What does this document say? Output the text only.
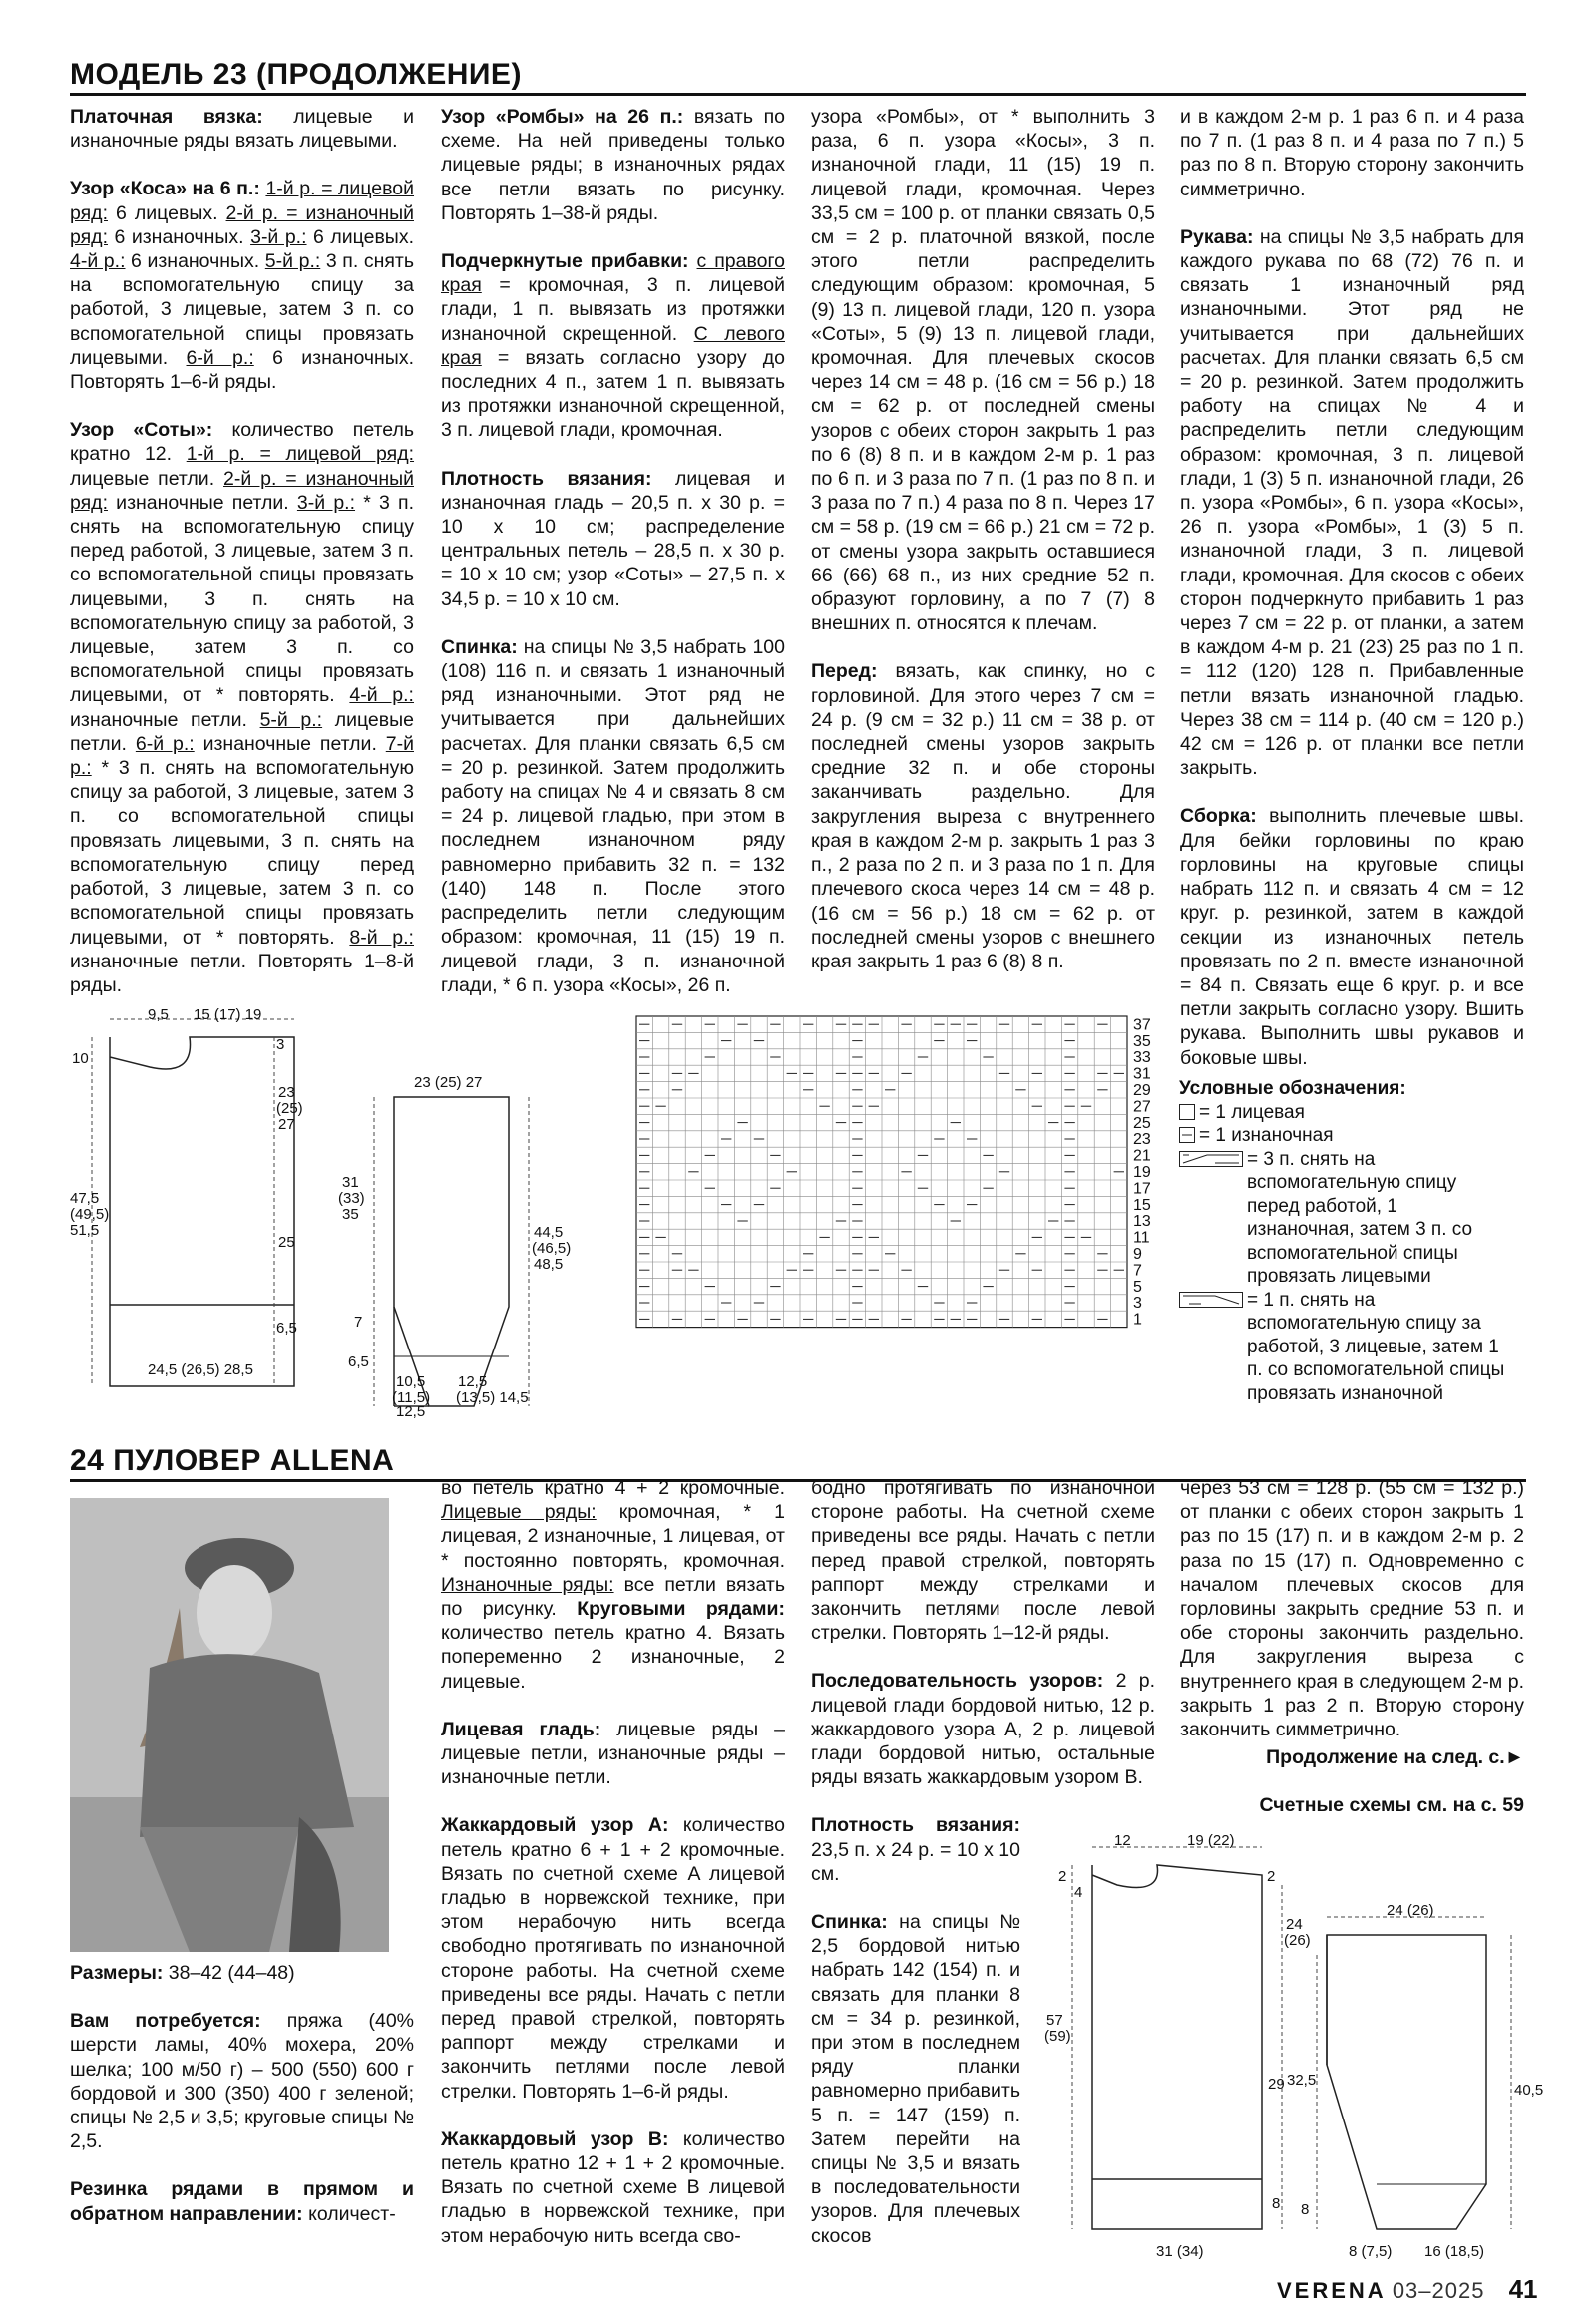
МОДЕЛЬ 23 (ПРОДОЛЖЕНИЕ)

Платочная вязка: лицевые и изнаночные ряды вязать лицевыми.

Узор «Коса» на 6 п.: 1-й р. = лицевой ряд: 6 лицевых. 2-й р. = изнаночный ряд: 6 изнаночных. 3-й р.: 6 лицевых. 4-й р.: 6 изнаночных. 5-й р.: 3 п. снять на вспомогательную спицу за работой, 3 лицевые, затем 3 п. со вспомогательной спицы провязать лицевыми. 6-й р.: 6 изнаночных. Повторять 1–6-й ряды.

Узор «Соты»: количество петель кратно 12. 1-й р. = лицевой ряд: лицевые петли. 2-й р. = изнаночный ряд: изнаночные петли. 3-й р.: * 3 п. снять на вспомогательную спицу перед работой, 3 лицевые, затем 3 п. со вспомогательной спицы провязать лицевыми, 3 п. снять на вспомогательную спицу за работой, 3 лицевые, затем 3 п. со вспомогательной спицы провязать лицевыми, от * повторять. 4-й р.: изнаночные петли. 5-й р.: лицевые петли. 6-й р.: изнаночные петли. 7-й р.: * 3 п. снять на вспомогательную спицу за работой, 3 лицевые, затем 3 п. со вспомогательной спицы провязать лицевыми, 3 п. снять на вспомогательную спицу перед работой, 3 лицевые, затем 3 п. со вспомогательной спицы провязать лицевыми, от * повторять. 8-й р.: изнаночные петли. Повторять 1–8-й ряды.

Узор «Ромбы» на 26 п.: вязать по схеме. На ней приведены только лицевые ряды; в изнаночных рядах все петли вязать по рисунку. Повторять 1–38-й ряды.

Подчеркнутые прибавки: с правого края = кромочная, 3 п. лицевой глади, 1 п. вывязать из протяжки изнаночной скрещенной. С левого края = вязать согласно узору до последних 4 п., затем 1 п. вывязать из протяжки изнаночной скрещенной, 3 п. лицевой глади, кромочная.

Плотность вязания: лицевая и изнаночная гладь – 20,5 п. x 30 р. = 10 x 10 см; распределение центральных петель – 28,5 п. x 30 р. = 10 x 10 см; узор «Соты» – 27,5 п. x 34,5 р. = 10 x 10 см.

Спинка: на спицы № 3,5 набрать 100 (108) 116 п. и связать 1 изнаночный ряд изнаночными. Этот ряд не учитывается при дальнейших расчетах. Для планки связать 6,5 см = 20 р. резинкой. Затем продолжить работу на спицах № 4 и связать 8 см = 24 р. лицевой гладью, при этом в последнем изнаночном ряду равномерно прибавить 32 п. = 132 (140) 148 п. После этого распределить петли следующим образом: кромочная, 11 (15) 19 п. лицевой глади, 3 п. изнаночной глади, * 6 п. узора «Косы», 26 п.

узора «Ромбы», от * выполнить 3 раза, 6 п. узора «Косы», 3 п. изнаночной глади, 11 (15) 19 п. лицевой глади, кромочная. Через 33,5 см = 100 р. от планки связать 0,5 см = 2 р. платочной вязкой, после этого петли распределить следующим образом: кромочная, 5 (9) 13 п. лицевой глади, 120 п. узора «Соты», 5 (9) 13 п. лицевой глади, кромочная. Для плечевых скосов через 14 см = 48 р. (16 см = 56 р.) 18 см = 62 р. от последней смены узоров с обеих сторон закрыть 1 раз по 6 (8) 8 п. и в каждом 2-м р. 1 раз по 6 п. и 3 раза по 7 п. (1 раз по 8 п. и 3 раза по 7 п.) 4 раза по 8 п. Через 17 см = 58 р. (19 см = 66 р.) 21 см = 72 р. от смены узора закрыть оставшиеся 66 (66) 68 п., из них средние 52 п. образуют горловину, а по 7 (7) 8 внешних п. относятся к плечам.

Перед: вязать, как спинку, но с горловиной. Для этого через 7 см = 24 р. (9 см = 32 р.) 11 см = 38 р. от последней смены узоров закрыть средние 32 п. и обе стороны заканчивать раздельно. Для закругления выреза с внутреннего края в каждом 2-м р. закрыть 1 раз 3 п., 2 раза по 2 п. и 3 раза по 1 п. Для плечевого скоса через 14 см = 48 р. (16 см = 56 р.) 18 см = 62 р. от последней смены узоров с внешнего края закрыть 1 раз 6 (8) 8 п.

и в каждом 2-м р. 1 раз 6 п. и 4 раза по 7 п. (1 раз 8 п. и 4 раза по 7 п.) 5 раз по 8 п. Вторую сторону закончить симметрично.

Рукава: на спицы № 3,5 набрать для каждого рукава по 68 (72) 76 п. и связать 1 изнаночный ряд изнаночными. Этот ряд не учитывается при дальнейших расчетах. Для планки связать 6,5 см = 20 р. резинкой. Затем продолжить работу на спицах № 4 и распределить петли следующим образом: кромочная, 3 п. лицевой глади, 1 (3) 5 п. изнаночной глади, 26 п. узора «Ромбы», 6 п. узора «Косы», 26 п. узора «Ромбы», 1 (3) 5 п. изнаночной глади, 3 п. лицевой глади, кромочная. Для скосов с обеих сторон подчеркнуто прибавить 1 раз через 7 см = 22 р. от планки, а затем в каждом 4-м р. 21 (23) 25 раз по 1 п. = 112 (120) 128 п. Прибавленные петли вязать изнаночной гладью. Через 38 см = 114 р. (40 см = 120 р.) 42 см = 126 р. от планки все петли закрыть.

Сборка: выполнить плечевые швы. Для бейки горловины по краю горловины на круговые спицы набрать 112 п. и связать 4 см = 12 круг. р. резинкой, затем в каждой секции из изнаночных петель провязать по 2 п. вместе изнаночной = 84 п. Связать еще 6 круг. р. и все петли закрыть согласно узору. Вшить рукава. Выполнить швы рукавов и боковые швы.

9,5 15 (17) 19
3
10
23
(25)
27
47,5
(49,5)
51,5
25
6,5
24,5 (26,5) 28,5
23 (25) 27
31
(33)
35
7
6,5
44,5
(46,5)
48,5
10,5
(11,5)
12,5
12,5
(13,5) 14,5
37
35
33
31
29
27
25
23
21
19
17
15
13
11
9
7
5
3
1
Условные обозначения:
= 1 лицевая
= 1 изнаночная
= 3 п. снять на вспомогательную спицу перед работой, 1 изнаночная, затем 3 п. со вспомогательной спицы провязать лицевыми
= 1 п. снять на вспомогательную спицу за работой, 3 лицевые, затем 1 п. со вспомогательной спицы провязать изнаночной
24 ПУЛОВЕР ALLENA

Размеры: 38–42 (44–48)

Вам потребуется: пряжа (40% шерсти ламы, 40% мохера, 20% шелка; 100 м/50 г) – 500 (550) 600 г бордовой и 300 (350) 400 г зеленой; спицы № 2,5 и 3,5; круговые спицы № 2,5.

Резинка рядами в прямом и обратном направлении: количест-

во петель кратно 4 + 2 кромочные. Лицевые ряды: кромочная, * 1 лицевая, 2 изнаночные, 1 лицевая, от * постоянно повторять, кромочная. Изнаночные ряды: все петли вязать по рисунку. Круговыми рядами: количество петель кратно 4. Вязать попеременно 2 изнаночные, 2 лицевые.

Лицевая гладь: лицевые ряды – лицевые петли, изнаночные ряды – изнаночные петли.

Жаккардовый узор A: количество петель кратно 6 + 1 + 2 кромочные. Вязать по счетной схеме A лицевой гладью в норвежской технике, при этом нерабочую нить всегда свободно протягивать по изнаночной стороне работы. На счетной схеме приведены все ряды. Начать с петли перед правой стрелкой, повторять раппорт между стрелками и закончить петлями после левой стрелки. Повторять 1–6-й ряды.

Жаккардовый узор B: количество петель кратно 12 + 1 + 2 кромочные. Вязать по счетной схеме B лицевой гладью в норвежской технике, при этом нерабочую нить всегда сво-

бодно протягивать по изнаночной стороне работы. На счетной схеме приведены все ряды. Начать с петли перед правой стрелкой, повторять раппорт между стрелками и закончить петлями после левой стрелки. Повторять 1–12-й ряды.

Последовательность узоров: 2 р. лицевой глади бордовой нитью, 12 р. жаккардового узора A, 2 р. лицевой глади бордовой нитью, остальные ряды вязать жаккардовым узором B.

Плотность вязания: 23,5 п. x 24 р. = 10 x 10 см.

Спинка: на спицы № 2,5 бордовой нитью набрать 142 (154) п. и связать для планки 8 см = 34 р. резинкой, при этом в последнем ряду планки равномерно прибавить 5 п. = 147 (159) п. Затем перейти на спицы № 3,5 и вязать в последовательности узоров. Для плечевых скосов

через 53 см = 128 р. (55 см = 132 р.) от планки с обеих сторон закрыть 1 раз по 15 (17) п. и в каждом 2-м р. 2 раза по 15 (17) п. Одновременно с началом плечевых скосов для горловины закрыть средние 53 п. и обе стороны закончить раздельно. Для закругления выреза с внутреннего края в следующем 2-м р. закрыть 1 раз 2 п. Вторую сторону закончить симметрично.

Продолжение на след. с.►

Счетные схемы см. на с. 59

12	19 (22)
2
4
2
24
(26)
57
(59)
29
8
31 (34)
24 (26)
32,5
40,5
8
8 (7,5) 16 (18,5)
VERENA 03–2025 41
